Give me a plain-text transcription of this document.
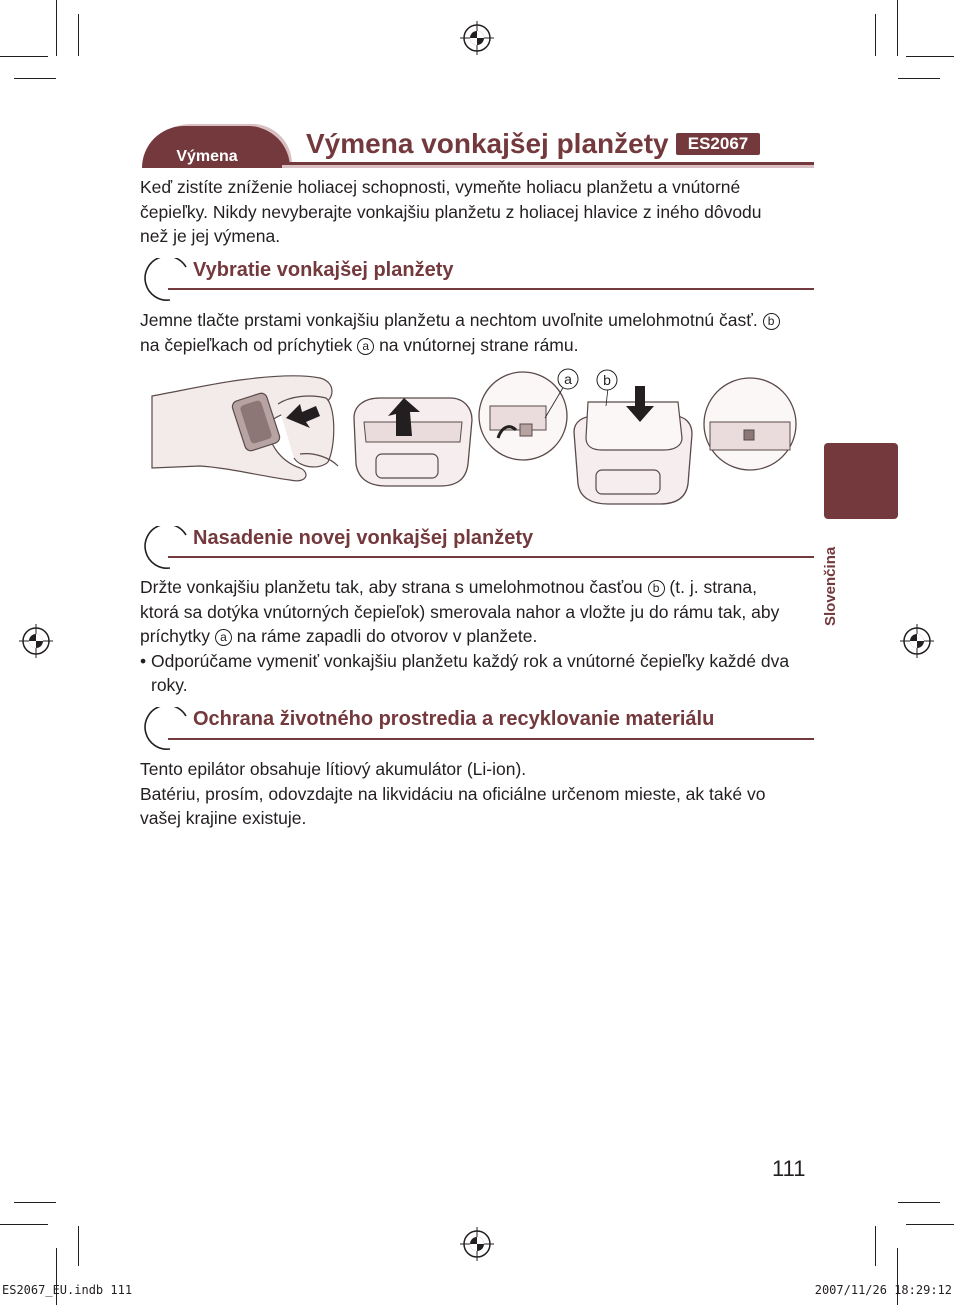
Výmena	Výmena vonkajšej planžety	ES2067
Keď zistíte zníženie holiacej schopnosti, vymeňte holiacu planžetu a vnútorné
čepieľky. Nikdy nevyberajte vonkajšiu planžetu z holiacej hlavice z iného dôvodu
než je jej výmena.
Vybratie vonkajšej planžety
Jemne tlačte prstami vonkajšiu planžetu a nechtom uvoľnite umelohmotnú časť. b
na čepieľkach od príchytiek a na vnútornej strane rámu.
a b
Nasadenie novej vonkajšej planžety
Držte vonkajšiu planžetu tak, aby strana s umelohmotnou časťou b (t. j. strana,
ktorá sa dotýka vnútorných čepieľok) smerovala nahor a vložte ju do rámu tak, aby
príchytky a na ráme zapadli do otvorov v planžete.
• Odporúčame vymeniť vonkajšiu planžetu každý rok a vnútorné čepieľky každé dva
roky.
Ochrana životného prostredia a recyklovanie materiálu
Tento epilátor obsahuje lítiový akumulátor (Li-ion).
Batériu, prosím, odovzdajte na likvidáciu na oficiálne určenom mieste, ak také vo
vašej krajine existuje.
Slovenčina
111
ES2067_EU.indb 111	2007/11/26 18:29:12
